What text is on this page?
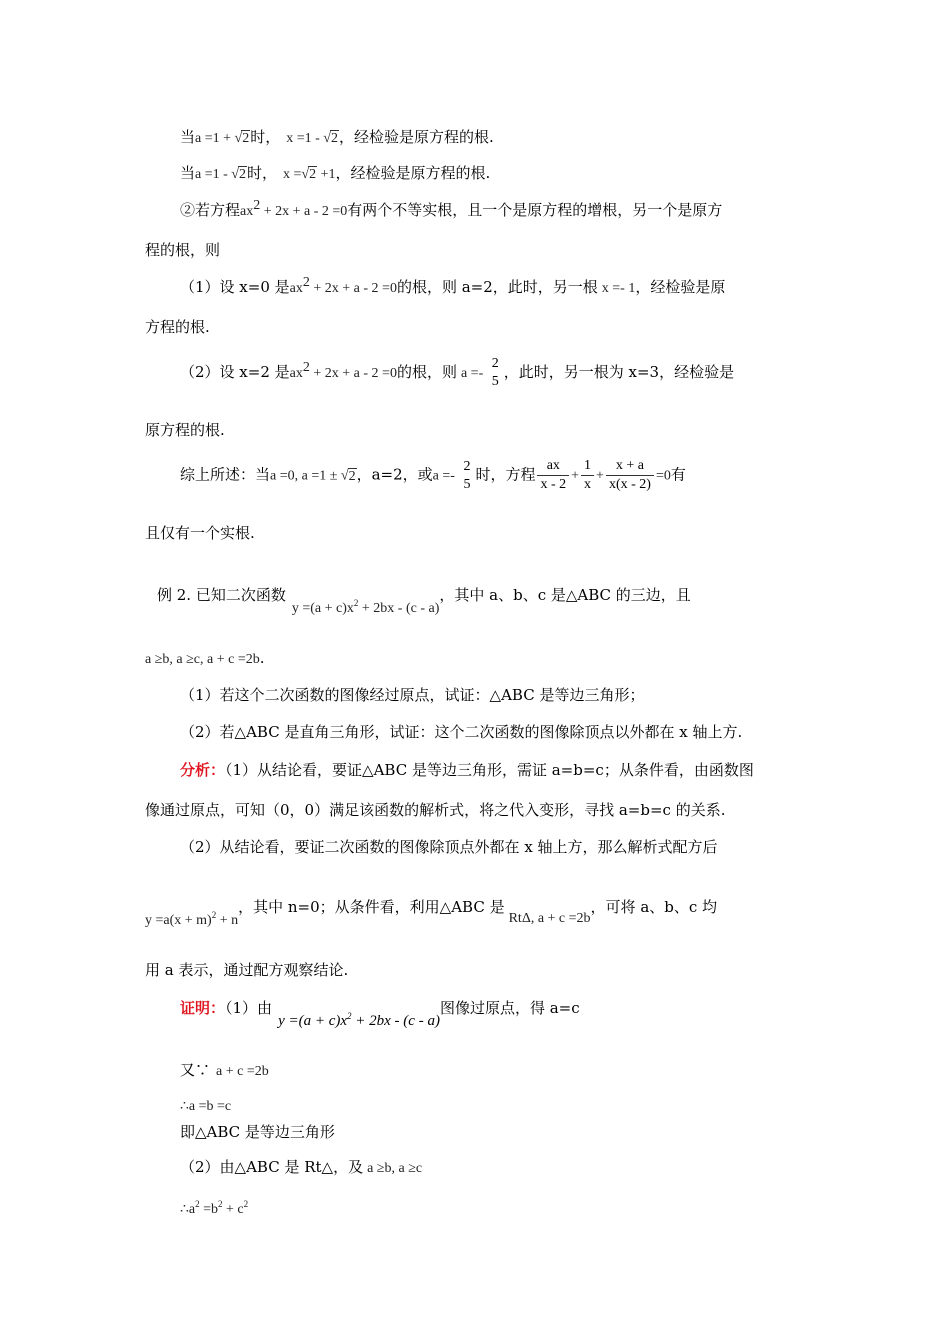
当a =1 + √2时， x =1 - √2，经检验是原方程的根.
当a =1 - √2时， x =√2 +1，经检验是原方程的根.
②若方程$ax^2 + 2x + a - 2 =0$有两个不等实根，且一个是原方程的增根，另一个是原方
程的根，则
（1）设 x=0 是$ax^2 + 2x + a - 2 =0$的根，则 a=2，此时，另一根 x =- 1，经检验是原
方程的根.
（2）设 x=2 是$ax^2 + 2x + a - 2 =0$的根，则 a =-
2
5
，此时，另一根为 x=3，经检验是
原方程的根.
综上所述：当a =0, a =1 ± √2，a=2，或a =-
2
5
时，方程 $\frac{ax}{x - 2} + \frac{1}{x} + \frac{x + a}{x(x - 2)} =0$有
且仅有一个实根.
例 2. 已知二次函数$y =(a + c)x^2 + 2bx - (c - a)$，其中 a、b、c 是△ABC 的三边，且
a ≥b, a ≥c, a + c =2b.
（1）若这个二次函数的图像经过原点，试证：△ABC 是等边三角形；
（2）若△ABC 是直角三角形，试证：这个二次函数的图像除顶点以外都在 x 轴上方.
分析：（1）从结论看，要证△ABC 是等边三角形，需证 a=b=c；从条件看，由函数图
像通过原点，可知（0，0）满足该函数的解析式，将之代入变形，寻找 a=b=c 的关系.
（2）从结论看，要证二次函数的图像除顶点外都在 x 轴上方，那么解析式配方后
$y =a(x + m)^2 + n$，其中 n=0；从条件看，利用△ABC 是RtΔ, a + c =2b，可将 a、b、c 均
用 a 表示，通过配方观察结论.
证明：（1）由$y =(a + c)x^2 + 2bx - (c - a)$图像过原点，得 a=c
又∵ a + c =2b
∴a =b =c
即△ABC 是等边三角形
（2）由△ABC 是 Rt△，及 a ≥b, a ≥c
$\therefore a^2 =b^2 + c^2$
